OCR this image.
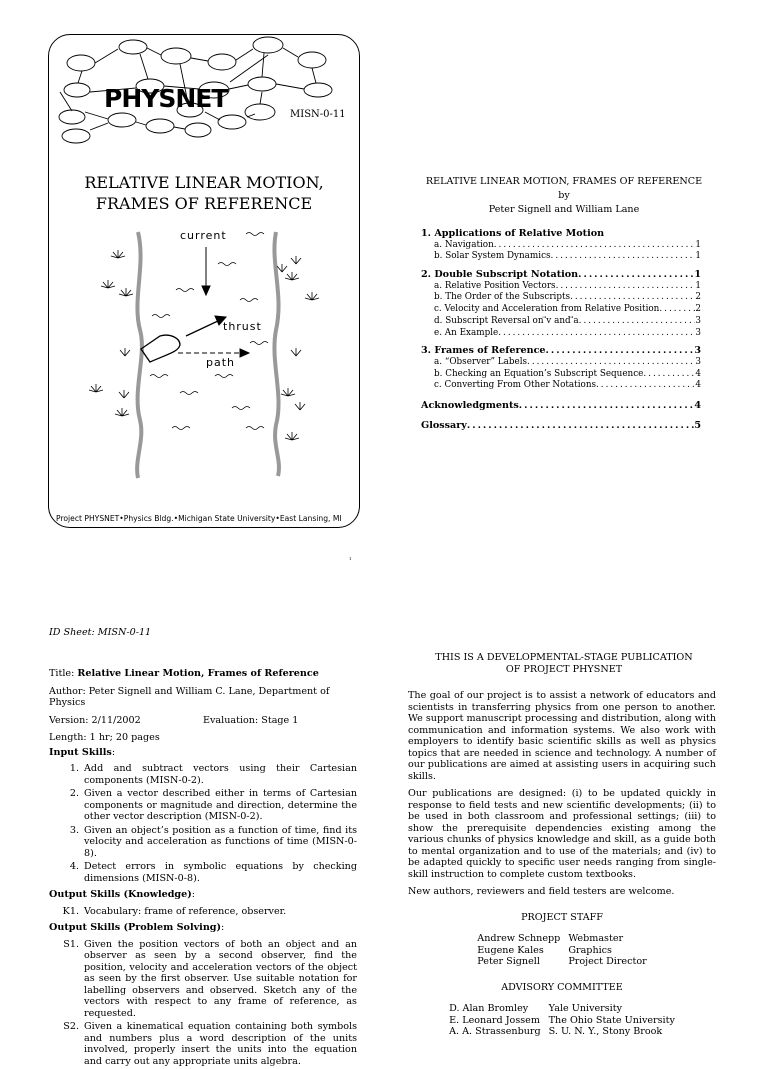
PHYSNET
MISN-0-11
RELATIVE LINEAR MOTION,
FRAMES OF REFERENCE
current
thrust
path
Project PHYSNET•Physics Bldg.•Michigan State University•East Lansing, MI
1
RELATIVE LINEAR MOTION, FRAMES OF REFERENCE
by
Peter Signell and William Lane
1. Applications of Relative Motion
a. Navigation .....	1
b. Solar System Dynamics .....	1
2. Double Subscript Notation .....	1
a. Relative Position Vectors .....	1
b. The Order of the Subscripts .....	2
c. Velocity and Acceleration from Relative Position .....	2
d. Subscript Reversal on ⃗v and ⃗a .....	3
e. An Example .....	3
3. Frames of Reference .....	3
a. “Observer” Labels .....	3
b. Checking an Equation’s Subscript Sequence .....	4
c. Converting From Other Notations .....	4
Acknowledgments .....	4
Glossary .....	5
ID Sheet: MISN-0-11
Title: Relative Linear Motion, Frames of Reference
Author: Peter Signell and William C. Lane, Department of Physics
Version: 2/11/2002	Evaluation: Stage 1
Length: 1 hr; 20 pages
Input Skills:
1. Add and subtract vectors using their Cartesian components (MISN-0-2).
2. Given a vector described either in terms of Cartesian components or magnitude and direction, determine the other vector description (MISN-0-2).
3. Given an object’s position as a function of time, find its velocity and acceleration as functions of time (MISN-0-8).
4. Detect errors in symbolic equations by checking dimensions (MISN-0-8).
Output Skills (Knowledge):
K1. Vocabulary: frame of reference, observer.
Output Skills (Problem Solving):
S1. Given the position vectors of both an object and an observer as seen by a second observer, find the position, velocity and acceleration vectors of the object as seen by the first observer. Use suitable notation for labelling observers and observed. Sketch any of the vectors with respect to any frame of reference, as requested.
S2. Given a kinematical equation containing both symbols and numbers plus a word description of the units involved, properly insert the units into the equation and carry out any appropriate units algebra.
THIS IS A DEVELOPMENTAL-STAGE PUBLICATION
OF PROJECT PHYSNET

The goal of our project is to assist a network of educators and scientists in transferring physics from one person to another. We support manuscript processing and distribution, along with communication and information systems. We also work with employers to identify basic scientific skills as well as physics topics that are needed in science and technology. A number of our publications are aimed at assisting users in acquiring such skills.

Our publications are designed: (i) to be updated quickly in response to field tests and new scientific developments; (ii) to be used in both classroom and professional settings; (iii) to show the prerequisite dependencies existing among the various chunks of physics knowledge and skill, as a guide both to mental organization and to use of the materials; and (iv) to be adapted quickly to specific user needs ranging from single-skill instruction to complete custom textbooks.

New authors, reviewers and field testers are welcome.

PROJECT STAFF
Andrew Schnepp	Webmaster
Eugene Kales	Graphics
Peter Signell	Project Director
ADVISORY COMMITTEE
D. Alan Bromley	Yale University
E. Leonard Jossem	The Ohio State University
A. A. Strassenburg	S. U. N. Y., Stony Brook
